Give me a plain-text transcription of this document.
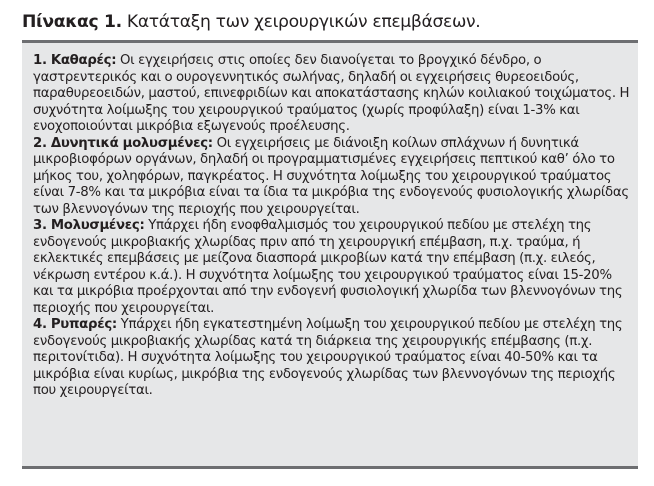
Πίνακας 1. Κατάταξη των χειρουργικών επεμβάσεων.

1. Καθαρές: Οι εγχειρήσεις στις οποίες δεν διανοίγεται το βρογχικό δένδρο, ο γαστρεντερικός και ο ουρογεννητικός σωλήνας, δηλαδή οι εγχειρήσεις θυρεοειδούς, παραθυρεοειδών, μαστού, επινεφριδίων και αποκατάστασης κηλών κοιλιακού τοιχώματος. Η συχνότητα λοίμωξης του χειρουργικού τραύματος (χωρίς προφύλαξη) είναι 1-3% και ενοχοποιούνται μικρόβια εξωγενούς προέλευσης.

2. Δυνητικά μολυσμένες: Οι εγχειρήσεις με διάνοιξη κοίλων σπλάχνων ή δυνητικά μικροβιοφόρων οργάνων, δηλαδή οι προγραμματισμένες εγχειρήσεις πεπτικού καθ’ όλο το μήκος του, χοληφόρων, παγκρέατος. Η συχνότητα λοίμωξης του χειρουργικού τραύματος είναι 7-8% και τα μικρόβια είναι τα ίδια τα μικρόβια της ενδογενούς φυσιολογικής χλωρίδας των βλεννογόνων της περιοχής που χειρουργείται.

3. Μολυσμένες: Υπάρχει ήδη ενοφθαλμισμός του χειρουργικού πεδίου με στελέχη της ενδογενούς μικροβιακής χλωρίδας πριν από τη χειρουργική επέμβαση, π.χ. τραύμα, ή εκλεκτικές επεμβάσεις με μείζονα διασπορά μικροβίων κατά την επέμβαση (π.χ. ειλεός, νέκρωση εντέρου κ.ά.). Η συχνότητα λοίμωξης του χειρουργικού τραύματος είναι 15-20% και τα μικρόβια προέρχονται από την ενδογενή φυσιολογική χλωρίδα των βλεννογόνων της περιοχής που χειρουργείται.

4. Ρυπαρές: Υπάρχει ήδη εγκατεστημένη λοίμωξη του χειρουργικού πεδίου με στελέχη της ενδογενούς μικροβιακής χλωρίδας κατά τη διάρκεια της χειρουργικής επέμβασης (π.χ. περιτονίτιδα). Η συχνότητα λοίμωξης του χειρουργικού τραύματος είναι 40-50% και τα μικρόβια είναι κυρίως, μικρόβια της ενδογενούς χλωρίδας των βλεννογόνων της περιοχής που χειρουργείται.
